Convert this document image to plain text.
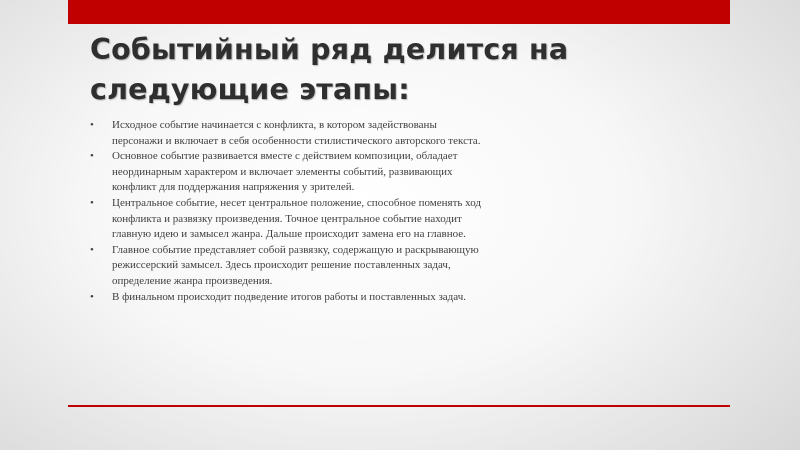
Событийный ряд делится на следующие этапы:
• Исходное событие начинается с конфликта, в котором задействованы персонажи и включает в себя особенности стилистического авторского текста.
• Основное событие развивается вместе с действием композиции, обладает неординарным характером и включает элементы событий, развивающих конфликт для поддержания напряжения у зрителей.
• Центральное событие, несет центральное положение, способное поменять ход конфликта и развязку произведения. Точное центральное событие находит главную идею и замысел жанра. Дальше происходит замена его на главное.
• Главное событие представляет собой развязку, содержащую и раскрывающую режиссерский замысел. Здесь происходит решение поставленных задач, определение жанра произведения.
• В финальном происходит подведение итогов работы и поставленных задач.
